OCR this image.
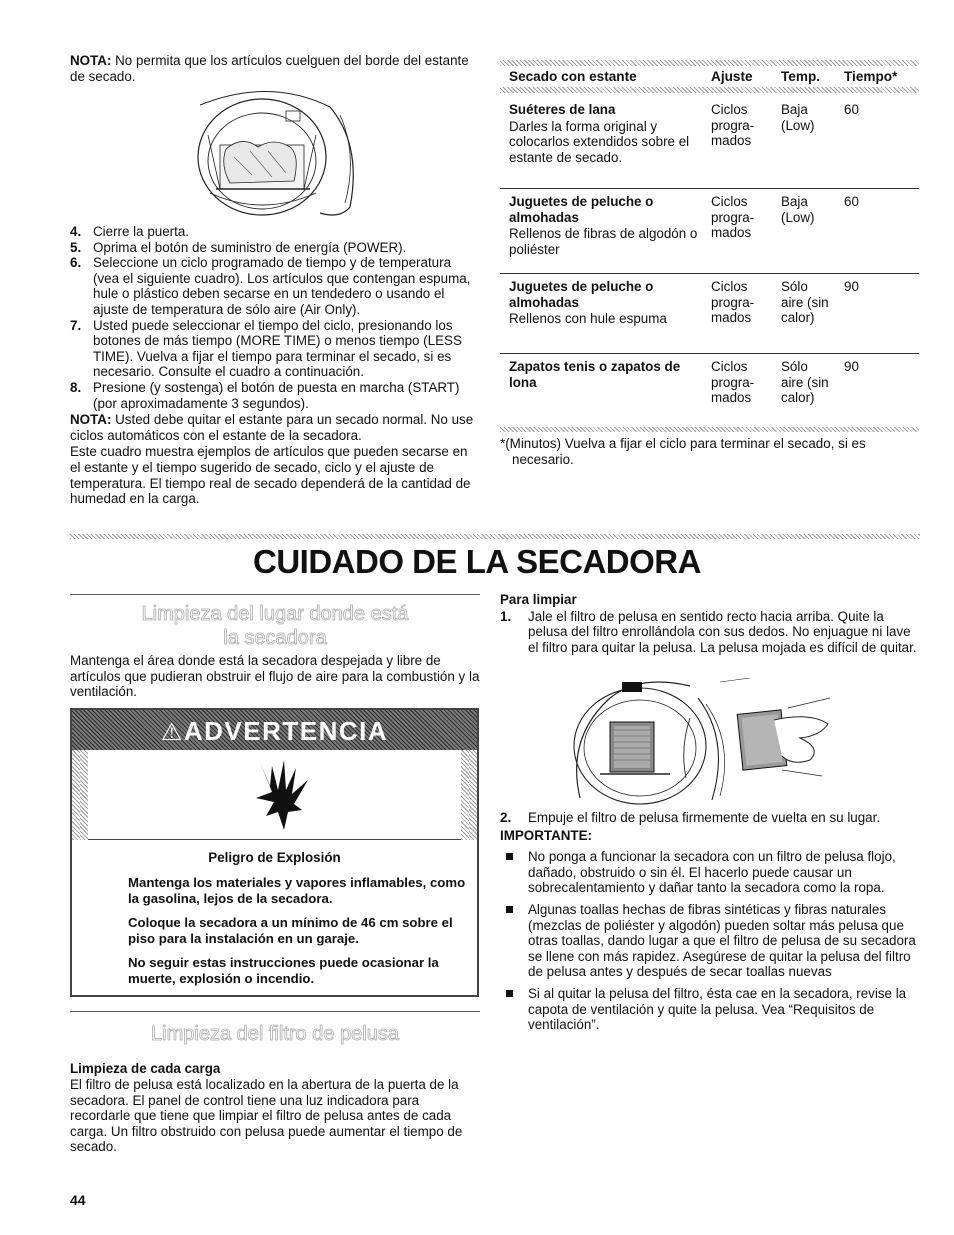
NOTA: No permita que los artículos cuelguen del borde del estante de secado.

4. Cierre la puerta.
5. Oprima el botón de suministro de energía (POWER).
6. Seleccione un ciclo programado de tiempo y de temperatura (vea el siguiente cuadro). Los artículos que contengan espuma, hule o plástico deben secarse en un tendedero o usando el ajuste de temperatura de sólo aire (Air Only).
7. Usted puede seleccionar el tiempo del ciclo, presionando los botones de más tiempo (MORE TIME) o menos tiempo (LESS TIME). Vuelva a fijar el tiempo para terminar el secado, si es necesario. Consulte el cuadro a continuación.
8. Presione (y sostenga) el botón de puesta en marcha (START) (por aproximadamente 3 segundos).

NOTA: Usted debe quitar el estante para un secado normal. No use ciclos automáticos con el estante de la secadora.

Este cuadro muestra ejemplos de artículos que pueden secarse en el estante y el tiempo sugerido de secado, ciclo y el ajuste de temperatura. El tiempo real de secado dependerá de la cantidad de humedad en la carga.

Secado con estante	Ajuste Temp. Tiempo*
Suéteres de lana

Darles la forma original y colocarlos extendidos sobre el estante de secado.
Ciclos progra-mados
Baja (Low)
60
Juguetes de peluche o almohadas

Rellenos de fibras de algodón o poliéster
Ciclos progra-mados
Baja (Low)
60
Juguetes de peluche o almohadas

Rellenos con hule espuma
Ciclos progra-mados
Sólo aire (sin calor)
90
Zapatos tenis o zapatos de lona
Ciclos progra-mados
Sólo aire (sin calor)
90

*(Minutos) Vuelva a fijar el ciclo para terminar el secado, si es necesario.

CUIDADO DE LA SECADORA
Limpieza del lugar donde está
la secadora

Mantenga el área donde está la secadora despejada y libre de artículos que pudieran obstruir el flujo de aire para la combustión y la ventilación.

⚠ADVERTENCIA

Peligro de Explosión

Mantenga los materiales y vapores inflamables, como la gasolina, lejos de la secadora.

Coloque la secadora a un mínimo de 46 cm sobre el piso para la instalación en un garaje.

No seguir estas instrucciones puede ocasionar la muerte, explosión o incendio.

Limpieza del filtro de pelusa

Limpieza de cada carga

El filtro de pelusa está localizado en la abertura de la puerta de la secadora. El panel de control tiene una luz indicadora para recordarle que tiene que limpiar el filtro de pelusa antes de cada carga. Un filtro obstruido con pelusa puede aumentar el tiempo de secado.

44

Para limpiar

1. Jale el filtro de pelusa en sentido recto hacia arriba. Quite la pelusa del filtro enrollándola con sus dedos. No enjuague ni lave el filtro para quitar la pelusa. La pelusa mojada es difícil de quitar.
2. Empuje el filtro de pelusa firmemente de vuelta en su lugar.

IMPORTANTE:

No ponga a funcionar la secadora con un filtro de pelusa flojo, dañado, obstruido o sin él. El hacerlo puede causar un sobrecalentamiento y dañar tanto la secadora como la ropa.
Algunas toallas hechas de fibras sintéticas y fibras naturales (mezclas de poliéster y algodón) pueden soltar más pelusa que otras toallas, dando lugar a que el filtro de pelusa de su secadora se llene con más rapidez. Asegúrese de quitar la pelusa del filtro de pelusa antes y después de secar toallas nuevas
Si al quitar la pelusa del filtro, ésta cae en la secadora, revise la capota de ventilación y quite la pelusa. Vea “Requisitos de ventilación”.
